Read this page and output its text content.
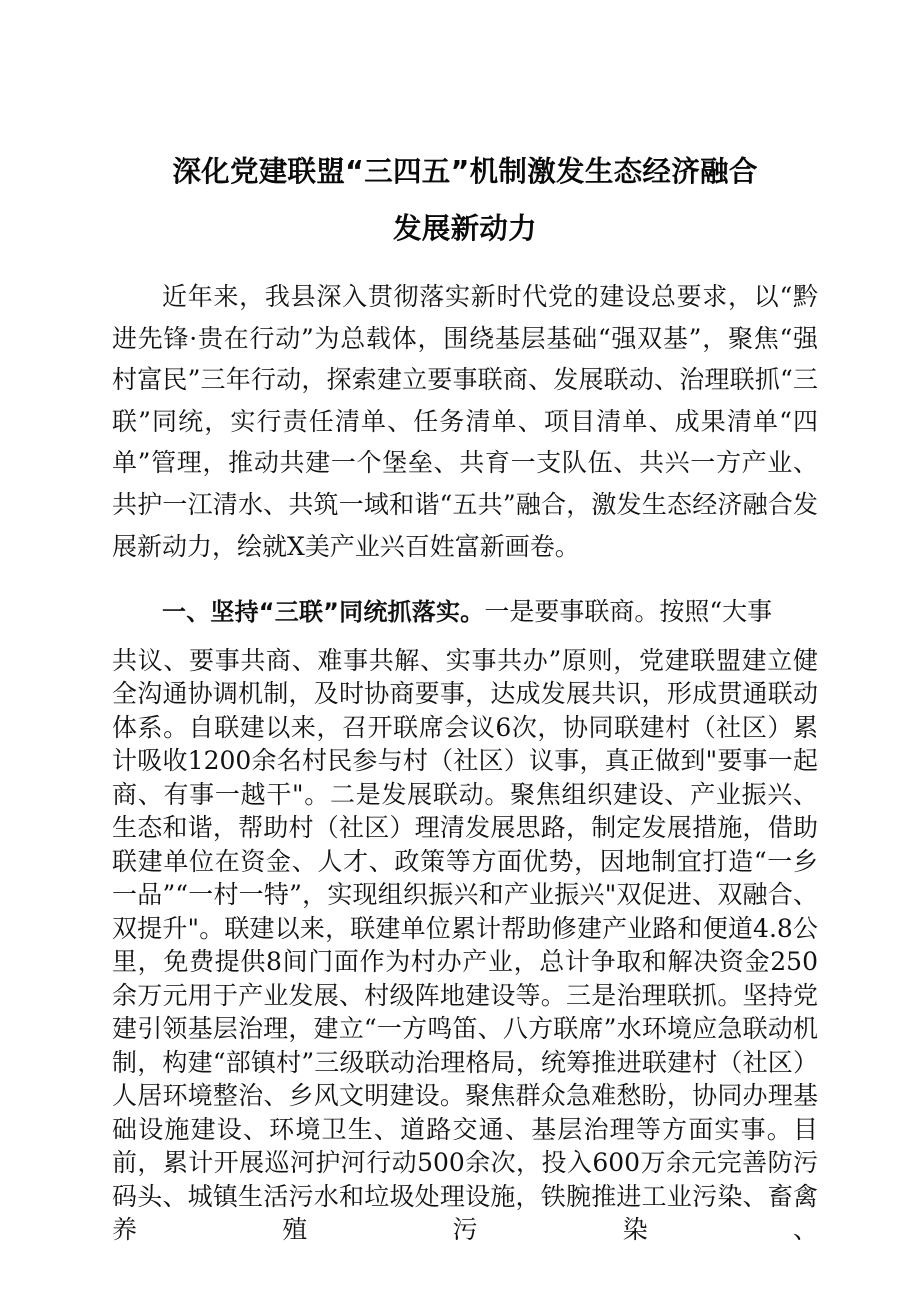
深化党建联盟“三四五”机制激发生态经济融合
发展新动力

近年来，我县深入贯彻落实新时代党的建设总要求，以“黔进先锋·贵在行动”为总载体，围绕基层基础“强双基”，聚焦“强村富民”三年行动，探索建立要事联商、发展联动、治理联抓“三联”同统，实行责任清单、任务清单、项目清单、成果清单“四单”管理，推动共建一个堡垒、共育一支队伍、共兴一方产业、共护一江清水、共筑一域和谐“五共”融合，激发生态经济融合发展新动力，绘就X美产业兴百姓富新画卷。

一、坚持“三联”同统抓落实。一是要事联商。按照“大事

共议、要事共商、难事共解、实事共办”原则，党建联盟建立健全沟通协调机制，及时协商要事，达成发展共识，形成贯通联动体系。自联建以来，召开联席会议6次，协同联建村（社区）累计吸收1200余名村民参与村（社区）议事，真正做到"要事一起商、有事一越干"。二是发展联动。聚焦组织建设、产业振兴、生态和谐，帮助村（社区）理清发展思路，制定发展措施，借助联建单位在资金、人才、政策等方面优势，因地制宜打造“一乡一品”“一村一特”，实现组织振兴和产业振兴"双促进、双融合、双提升"。联建以来，联建单位累计帮助修建产业路和便道4.8公里，免费提供8间门面作为村办产业，总计争取和解决资金250余万元用于产业发展、村级阵地建设等。三是治理联抓。坚持党建引领基层治理，建立“一方鸣笛、八方联席”水环境应急联动机制，构建“部镇村”三级联动治理格局，统筹推进联建村（社区）人居环境整治、乡风文明建设。聚焦群众急难愁盼，协同办理基础设施建设、环境卫生、道路交通、基层治理等方面实事。目前，累计开展巡河护河行动500余次，投入600万余元完善防污码头、城镇生活污水和垃圾处理设施，铁腕推进工业污染、畜禽养殖污染、
